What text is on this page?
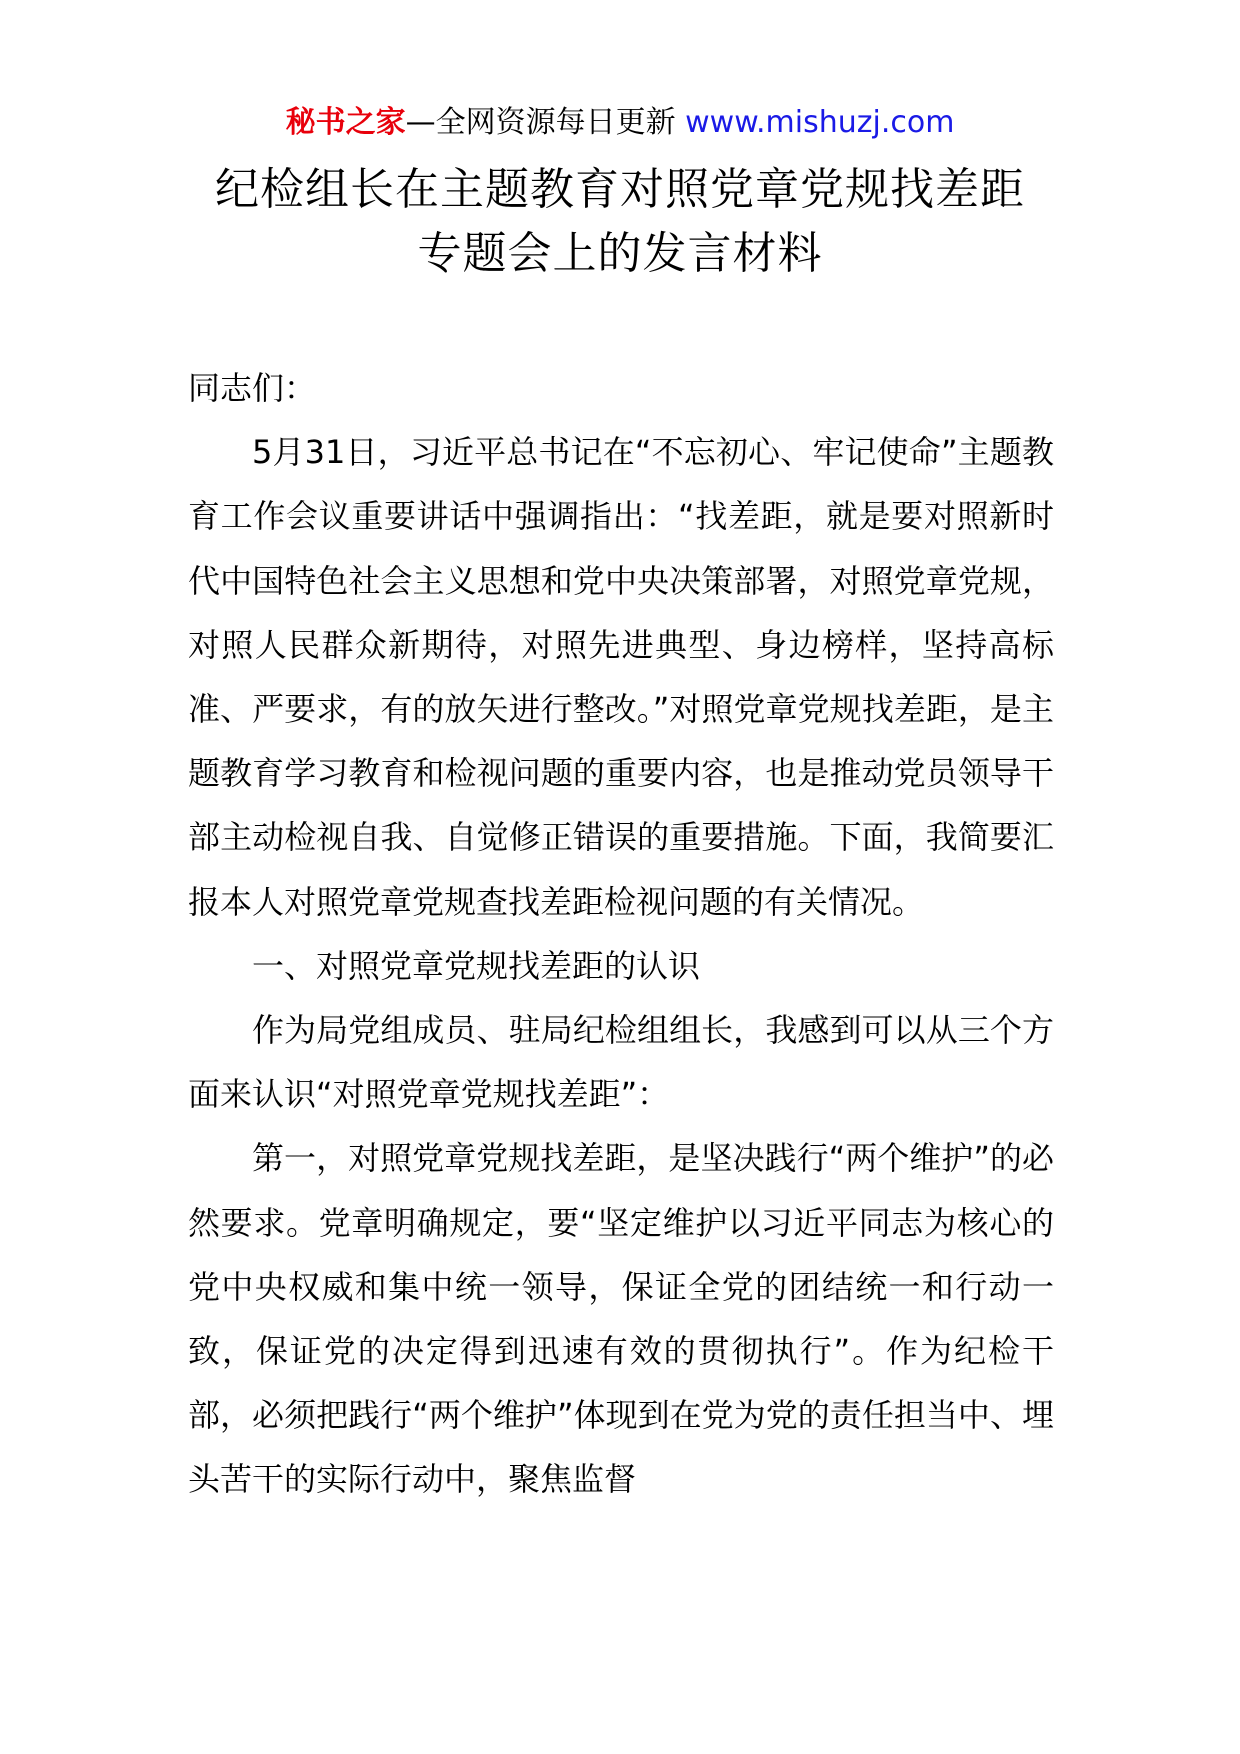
秘书之家—全网资源每日更新 www.mishuzj.com
纪检组长在主题教育对照党章党规找差距
专题会上的发言材料

同志们：

5月31日，习近平总书记在“不忘初心、牢记使命”主题教育工作会议重要讲话中强调指出：“找差距，就是要对照新时代中国特色社会主义思想和党中央决策部署，对照党章党规，对照人民群众新期待，对照先进典型、身边榜样，坚持高标准、严要求，有的放矢进行整改。”对照党章党规找差距，是主题教育学习教育和检视问题的重要内容，也是推动党员领导干部主动检视自我、自觉修正错误的重要措施。下面，我简要汇报本人对照党章党规查找差距检视问题的有关情况。

一、对照党章党规找差距的认识

作为局党组成员、驻局纪检组组长，我感到可以从三个方面来认识“对照党章党规找差距”：

第一，对照党章党规找差距，是坚决践行“两个维护”的必然要求。党章明确规定，要“坚定维护以习近平同志为核心的党中央权威和集中统一领导，保证全党的团结统一和行动一致，保证党的决定得到迅速有效的贯彻执行”。作为纪检干部，必须把践行“两个维护”体现到在党为党的责任担当中、埋头苦干的实际行动中，聚焦监督
